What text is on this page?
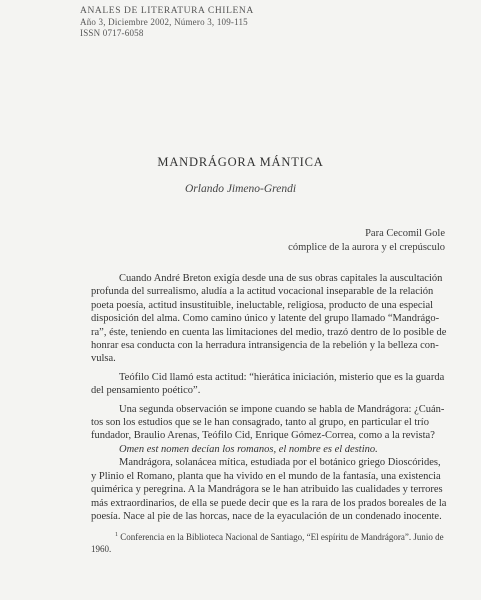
ANALES DE LITERATURA CHILENA
Año 3, Diciembre 2002, Número 3, 109-115
ISSN 0717-6058
MANDRÁGORA MÁNTICA
Orlando Jimeno-Grendi
Para Cecomil Gole
cómplice de la aurora y el crepúsculo
Cuando André Breton exigía desde una de sus obras capitales la auscultación
profunda del surrealismo, aludía a la actitud vocacional inseparable de la relación
poeta poesía, actitud insustituible, ineluctable, religiosa, producto de una especial
disposición del alma. Como camino único y latente del grupo llamado “Mandrágo-
ra”, éste, teniendo en cuenta las limitaciones del medio, trazó dentro de lo posible de
honrar esa conducta con la herradura intransigencia de la rebelión y la belleza con-
vulsa.
Teófilo Cid llamó esta actitud: “hierática iniciación, misterio que es la guarda
del pensamiento poético”.
Una segunda observación se impone cuando se habla de Mandrágora: ¿Cuán-
tos son los estudios que se le han consagrado, tanto al grupo, en particular el trío
fundador, Braulio Arenas, Teófilo Cid, Enrique Gómez-Correa, como a la revista?
Omen est nomen decían los romanos, el nombre es el destino.
Mandrágora, solanácea mítica, estudiada por el botánico griego Dioscórides,
y Plinio el Romano, planta que ha vivido en el mundo de la fantasía, una existencia
quimérica y peregrina. A la Mandrágora se le han atribuido las cualidades y terrores
más extraordinarios, de ella se puede decir que es la rara de los prados boreales de la
poesía. Nace al pie de las horcas, nace de la eyaculación de un condenado inocente.
$^1$ Conferencia en la Biblioteca Nacional de Santiago, “El espíritu de Mandrágora”. Junio de
1960.
